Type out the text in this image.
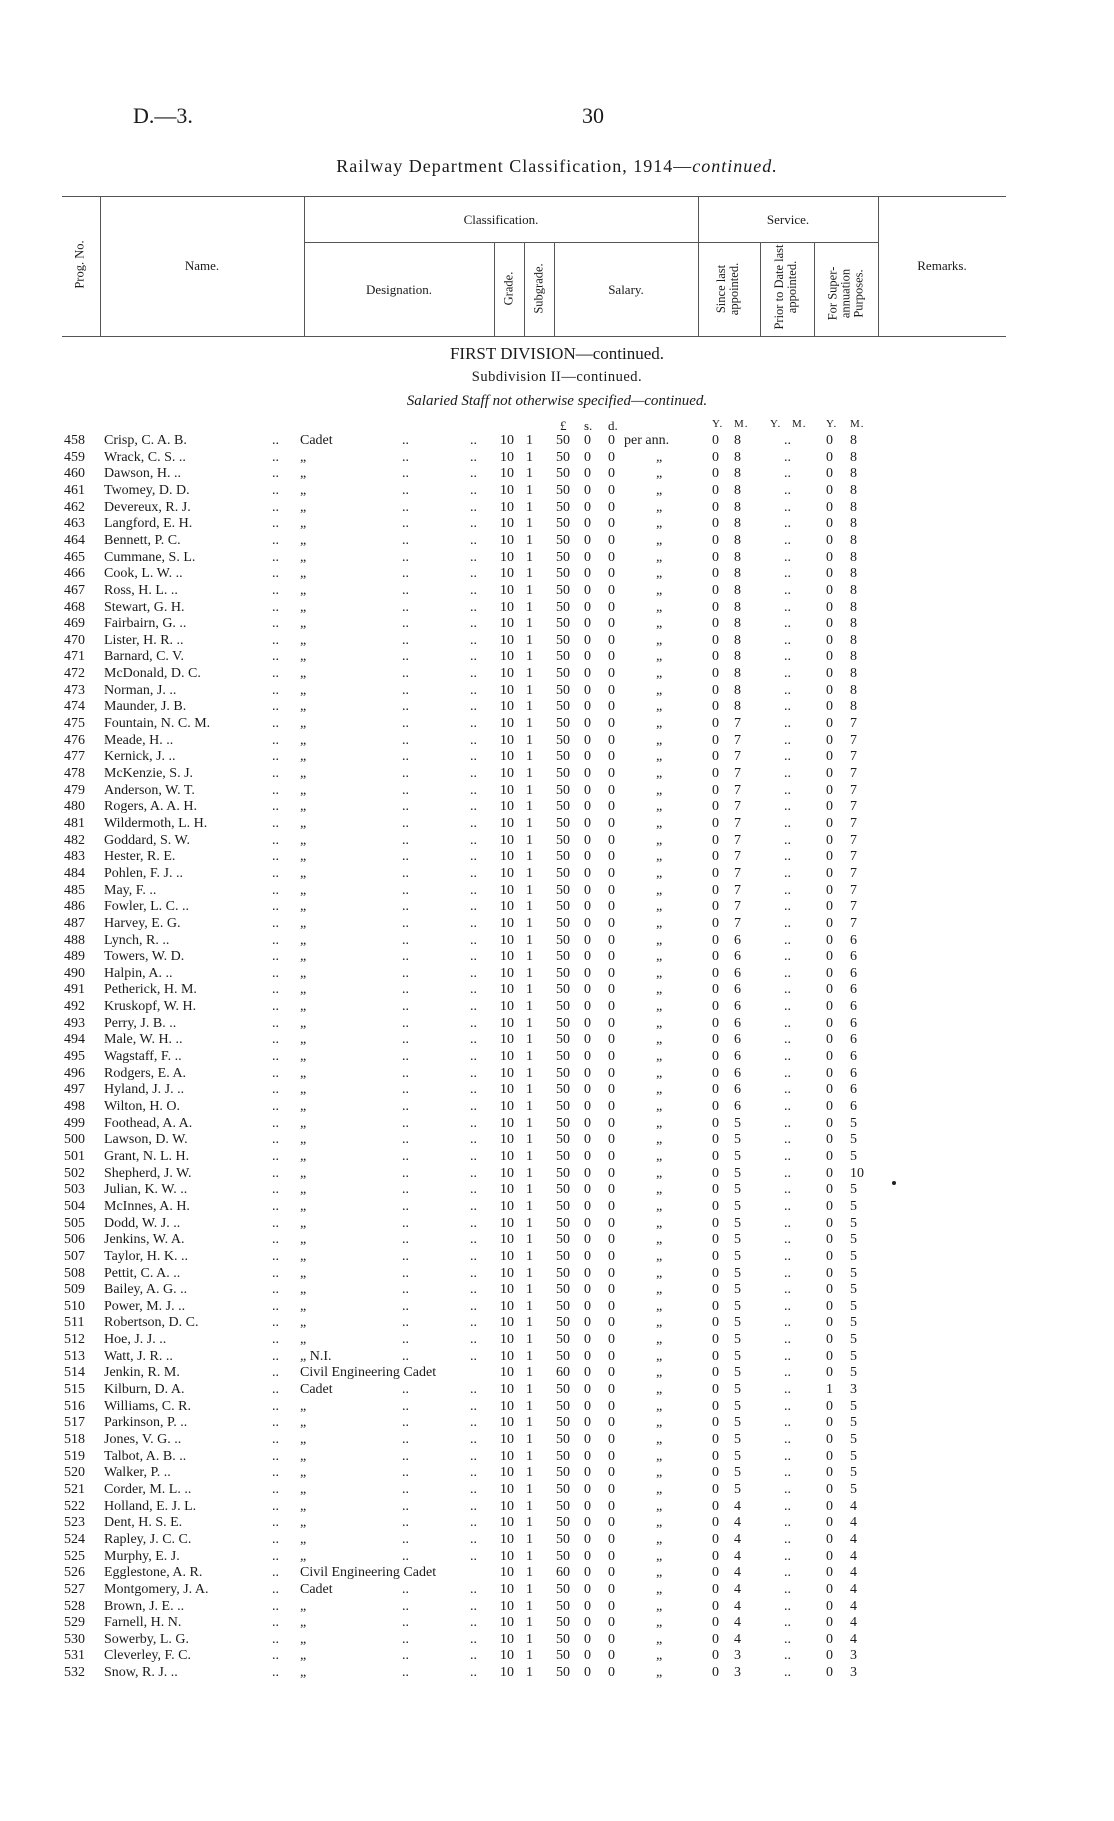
D.—3.	30
Railway Department Classification, 1914—continued.
Prog. No.	Name.
Classification.
Designation.	Grade. Subgrade.	Salary.
Service.
Since last appointed. Prior to Date last appointed. For Super- annuation Purposes.
Remarks.
FIRST DIVISION—continued.
Subdivision II—continued.
Salaried Staff not otherwise specified—continued.
£ s. d.	Y. M. Y. M. Y. M.
458	Crisp, C. A. B.	.. Cadet	..	.. 10 1 50	0 0 per ann.	0 8	..	0 8
459	Wrack, C. S. ..	.. „	..	.. 10 1 50	0 0	„	0 8	..	0 8
460	Dawson, H. ..	.. „	..	.. 10 1 50	0 0	„	0 8	..	0 8
461	Twomey, D. D.	.. „	..	.. 10 1 50	0 0	„	0 8	..	0 8
462	Devereux, R. J.	.. „	..	.. 10 1 50	0 0	„	0 8	..	0 8
463	Langford, E. H.	.. „	..	.. 10 1 50	0 0	„	0 8	..	0 8
464	Bennett, P. C.	.. „	..	.. 10 1 50	0 0	„	0 8	..	0 8
465	Cummane, S. L.	.. „	..	.. 10 1 50	0 0	„	0 8	..	0 8
466	Cook, L. W. ..	.. „	..	.. 10 1 50	0 0	„	0 8	..	0 8
467	Ross, H. L. ..	.. „	..	.. 10 1 50	0 0	„	0 8	..	0 8
468	Stewart, G. H.	.. „	..	.. 10 1 50	0 0	„	0 8	..	0 8
469	Fairbairn, G. ..	.. „	..	.. 10 1 50	0 0	„	0 8	..	0 8
470	Lister, H. R. ..	.. „	..	.. 10 1 50	0 0	„	0 8	..	0 8
471	Barnard, C. V.	.. „	..	.. 10 1 50	0 0	„	0 8	..	0 8
472	McDonald, D. C.	.. „	..	.. 10 1 50	0 0	„	0 8	..	0 8
473	Norman, J. ..	.. „	..	.. 10 1 50	0 0	„	0 8	..	0 8
474	Maunder, J. B.	.. „	..	.. 10 1 50	0 0	„	0 8	..	0 8
475	Fountain, N. C. M.	.. „	..	.. 10 1 50	0 0	„	0 7	..	0 7
476	Meade, H. ..	.. „	..	.. 10 1 50	0 0	„	0 7	..	0 7
477	Kernick, J. ..	.. „	..	.. 10 1 50	0 0	„	0 7	..	0 7
478	McKenzie, S. J.	.. „	..	.. 10 1 50	0 0	„	0 7	..	0 7
479	Anderson, W. T.	.. „	..	.. 10 1 50	0 0	„	0 7	..	0 7
480	Rogers, A. A. H.	.. „	..	.. 10 1 50	0 0	„	0 7	..	0 7
481	Wildermoth, L. H.	.. „	..	.. 10 1 50	0 0	„	0 7	..	0 7
482	Goddard, S. W.	.. „	..	.. 10 1 50	0 0	„	0 7	..	0 7
483	Hester, R. E.	.. „	..	.. 10 1 50	0 0	„	0 7	..	0 7
484	Pohlen, F. J. ..	.. „	..	.. 10 1 50	0 0	„	0 7	..	0 7
485	May, F. ..	.. „	..	.. 10 1 50	0 0	„	0 7	..	0 7
486	Fowler, L. C. ..	.. „	..	.. 10 1 50	0 0	„	0 7	..	0 7
487	Harvey, E. G.	.. „	..	.. 10 1 50	0 0	„	0 7	..	0 7
488	Lynch, R. ..	.. „	..	.. 10 1 50	0 0	„	0 6	..	0 6
489	Towers, W. D.	.. „	..	.. 10 1 50	0 0	„	0 6	..	0 6
490	Halpin, A. ..	.. „	..	.. 10 1 50	0 0	„	0 6	..	0 6
491	Petherick, H. M.	.. „	..	.. 10 1 50	0 0	„	0 6	..	0 6
492	Kruskopf, W. H.	.. „	..	.. 10 1 50	0 0	„	0 6	..	0 6
493	Perry, J. B. ..	.. „	..	.. 10 1 50	0 0	„	0 6	..	0 6
494	Male, W. H. ..	.. „	..	.. 10 1 50	0 0	„	0 6	..	0 6
495	Wagstaff, F. ..	.. „	..	.. 10 1 50	0 0	„	0 6	..	0 6
496	Rodgers, E. A.	.. „	..	.. 10 1 50	0 0	„	0 6	..	0 6
497	Hyland, J. J. ..	.. „	..	.. 10 1 50	0 0	„	0 6	..	0 6
498	Wilton, H. O.	.. „	..	.. 10 1 50	0 0	„	0 6	..	0 6
499	Foothead, A. A.	.. „	..	.. 10 1 50	0 0	„	0 5	..	0 5
500	Lawson, D. W.	.. „	..	.. 10 1 50	0 0	„	0 5	..	0 5
501	Grant, N. L. H.	.. „	..	.. 10 1 50	0 0	„	0 5	..	0 5
502	Shepherd, J. W.	.. „	..	.. 10 1 50	0 0	„	0 5	..	0 10
503	Julian, K. W. ..	.. „	..	.. 10 1 50	0 0	„	0 5	..	0 5
504	McInnes, A. H.	.. „	..	.. 10 1 50	0 0	„	0 5	..	0 5
505	Dodd, W. J. ..	.. „	..	.. 10 1 50	0 0	„	0 5	..	0 5
506	Jenkins, W. A.	.. „	..	.. 10 1 50	0 0	„	0 5	..	0 5
507	Taylor, H. K. ..	.. „	..	.. 10 1 50	0 0	„	0 5	..	0 5
508	Pettit, C. A. ..	.. „	..	.. 10 1 50	0 0	„	0 5	..	0 5
509	Bailey, A. G. ..	.. „	..	.. 10 1 50	0 0	„	0 5	..	0 5
510	Power, M. J. ..	.. „	..	.. 10 1 50	0 0	„	0 5	..	0 5
511	Robertson, D. C.	.. „	..	.. 10 1 50	0 0	„	0 5	..	0 5
512	Hoe, J. J. ..	.. „	..	.. 10 1 50	0 0	„	0 5	..	0 5
513	Watt, J. R. ..	.. „ N.I.	..	.. 10 1 50	0 0	„	0 5	..	0 5
514	Jenkin, R. M.	.. Civil Engineering Cadet	10 1 60	0 0	„	0 5	..	0 5
515	Kilburn, D. A.	.. Cadet	..	.. 10 1 50	0 0	„	0 5	..	1 3
516	Williams, C. R.	.. „	..	.. 10 1 50	0 0	„	0 5	..	0 5
517	Parkinson, P. ..	.. „	..	.. 10 1 50	0 0	„	0 5	..	0 5
518	Jones, V. G. ..	.. „	..	.. 10 1 50	0 0	„	0 5	..	0 5
519	Talbot, A. B. ..	.. „	..	.. 10 1 50	0 0	„	0 5	..	0 5
520	Walker, P. ..	.. „	..	.. 10 1 50	0 0	„	0 5	..	0 5
521	Corder, M. L. ..	.. „	..	.. 10 1 50	0 0	„	0 5	..	0 5
522	Holland, E. J. L.	.. „	..	.. 10 1 50	0 0	„	0 4	..	0 4
523	Dent, H. S. E.	.. „	..	.. 10 1 50	0 0	„	0 4	..	0 4
524	Rapley, J. C. C.	.. „	..	.. 10 1 50	0 0	„	0 4	..	0 4
525	Murphy, E. J.	.. „	..	.. 10 1 50	0 0	„	0 4	..	0 4
526	Egglestone, A. R.	.. Civil Engineering Cadet	10 1 60	0 0	„	0 4	..	0 4
527	Montgomery, J. A.	.. Cadet	..	.. 10 1 50	0 0	„	0 4	..	0 4
528	Brown, J. E. ..	.. „	..	.. 10 1 50	0 0	„	0 4	..	0 4
529	Farnell, H. N.	.. „	..	.. 10 1 50	0 0	„	0 4	..	0 4
530	Sowerby, L. G.	.. „	..	.. 10 1 50	0 0	„	0 4	..	0 4
531	Cleverley, F. C.	.. „	..	.. 10 1 50	0 0	„	0 3	..	0 3
532	Snow, R. J. ..	.. „	..	.. 10 1 50	0 0	„	0 3	..	0 3
